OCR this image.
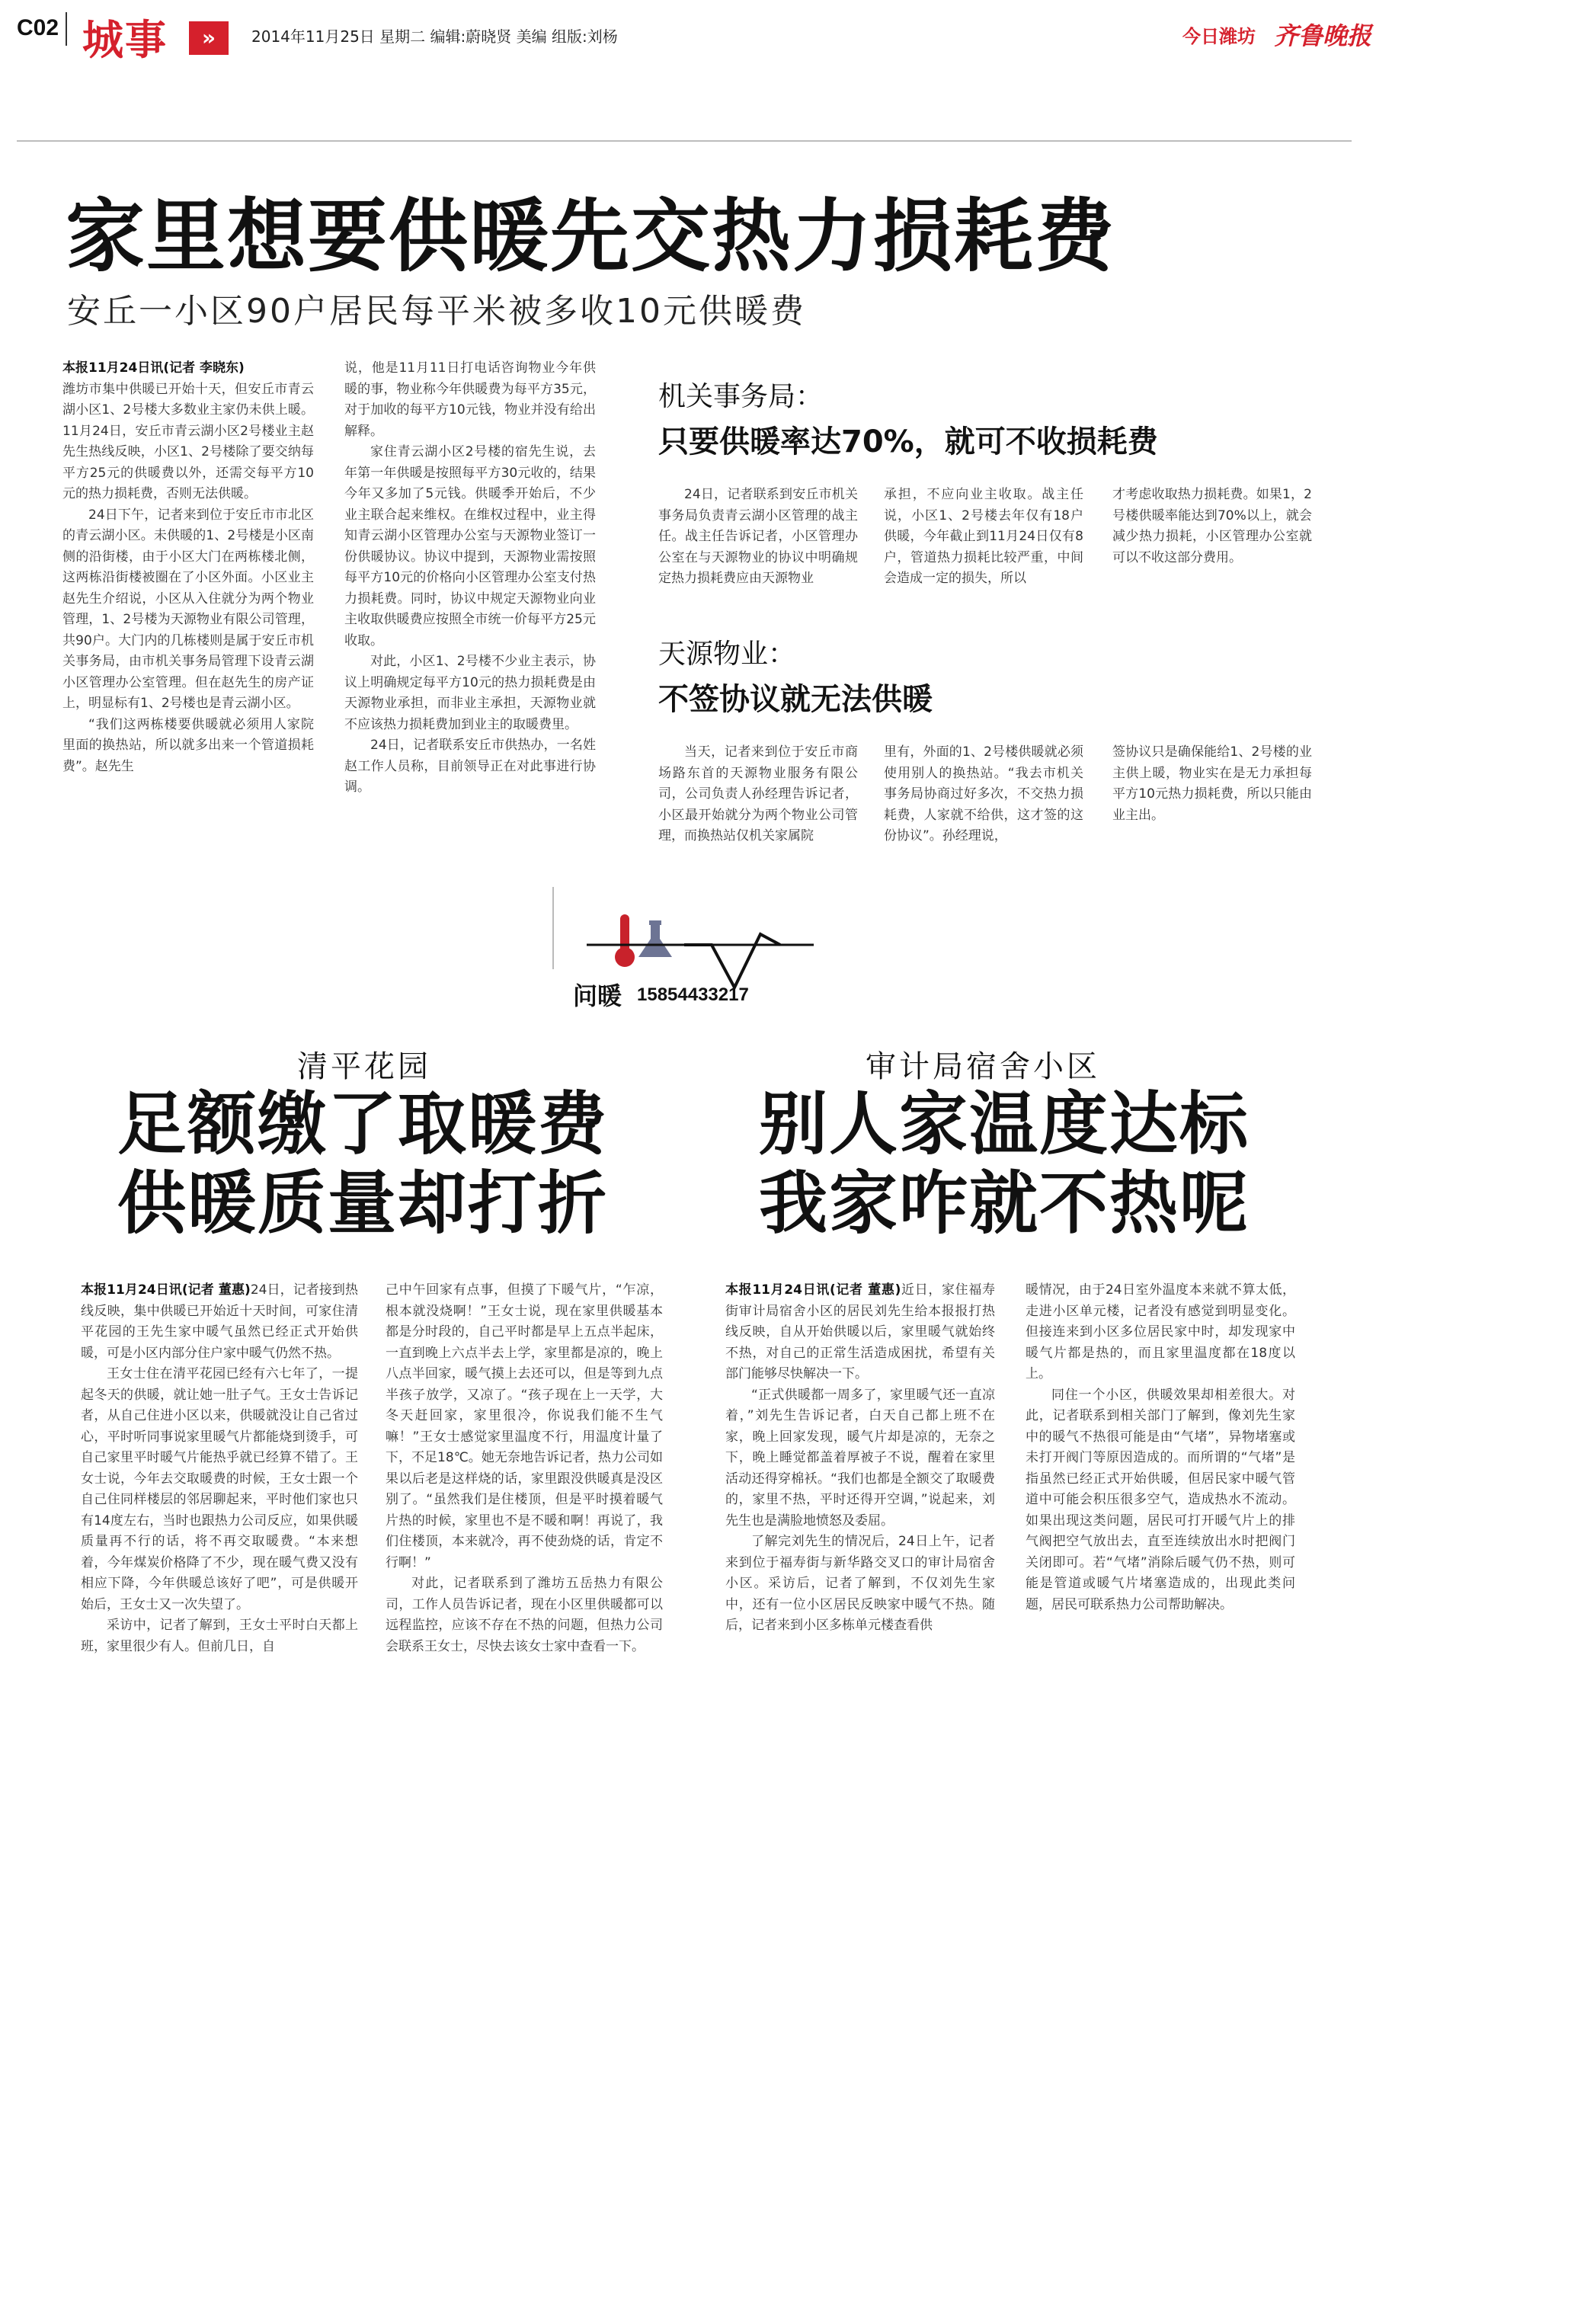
C02 城事	»	2014年11月25日 星期二 编辑:蔚晓贤 美编 组版:刘杨	今日潍坊 齐鲁晚报
家里想要供暖先交热力损耗费
安丘一小区90户居民每平米被多收10元供暖费

本报11月24日讯(记者 李晓东)

潍坊市集中供暖已开始十天，但安丘市青云湖小区1、2号楼大多数业主家仍未供上暖。11月24日，安丘市青云湖小区2号楼业主赵先生热线反映，小区1、2号楼除了要交纳每平方25元的供暖费以外，还需交每平方10元的热力损耗费，否则无法供暖。

24日下午，记者来到位于安丘市市北区的青云湖小区。未供暖的1、2号楼是小区南侧的沿街楼，由于小区大门在两栋楼北侧，这两栋沿街楼被圈在了小区外面。小区业主赵先生介绍说，小区从入住就分为两个物业管理，1、2号楼为天源物业有限公司管理，共90户。大门内的几栋楼则是属于安丘市机关事务局，由市机关事务局管理下设青云湖小区管理办公室管理。但在赵先生的房产证上，明显标有1、2号楼也是青云湖小区。

“我们这两栋楼要供暖就必须用人家院里面的换热站，所以就多出来一个管道损耗费”。赵先生

说，他是11月11日打电话咨询物业今年供暖的事，物业称今年供暖费为每平方35元，对于加收的每平方10元钱，物业并没有给出解释。

家住青云湖小区2号楼的宿先生说，去年第一年供暖是按照每平方30元收的，结果今年又多加了5元钱。供暖季开始后，不少业主联合起来维权。在维权过程中，业主得知青云湖小区管理办公室与天源物业签订一份供暖协议。协议中提到，天源物业需按照每平方10元的价格向小区管理办公室支付热力损耗费。同时，协议中规定天源物业向业主收取供暖费应按照全市统一价每平方25元收取。

对此，小区1、2号楼不少业主表示，协议上明确规定每平方10元的热力损耗费是由天源物业承担，而非业主承担，天源物业就不应该热力损耗费加到业主的取暖费里。

24日，记者联系安丘市供热办，一名姓赵工作人员称，目前领导正在对此事进行协调。

机关事务局：
只要供暖率达70%，就可不收损耗费

24日，记者联系到安丘市机关事务局负责青云湖小区管理的战主任。战主任告诉记者，小区管理办公室在与天源物业的协议中明确规定热力损耗费应由天源物业

承担，不应向业主收取。战主任说，小区1、2号楼去年仅有18户供暖，今年截止到11月24日仅有8户，管道热力损耗比较严重，中间会造成一定的损失，所以

才考虑收取热力损耗费。如果1，2号楼供暖率能达到70%以上，就会减少热力损耗，小区管理办公室就可以不收这部分费用。

天源物业：
不签协议就无法供暖

当天，记者来到位于安丘市商场路东首的天源物业服务有限公司，公司负责人孙经理告诉记者，小区最开始就分为两个物业公司管理，而换热站仅机关家属院

里有，外面的1、2号楼供暖就必须使用别人的换热站。“我去市机关事务局协商过好多次，不交热力损耗费，人家就不给供，这才签的这份协议”。孙经理说，

签协议只是确保能给1、2号楼的业主供上暖，物业实在是无力承担每平方10元热力损耗费，所以只能由业主出。

问暖 15854433217
清平花园
足额缴了取暖费
供暖质量却打折

本报11月24日讯(记者 董惠)24日，记者接到热线反映，集中供暖已开始近十天时间，可家住清平花园的王先生家中暖气虽然已经正式开始供暖，可是小区内部分住户家中暖气仍然不热。

王女士住在清平花园已经有六七年了，一提起冬天的供暖，就让她一肚子气。王女士告诉记者，从自己住进小区以来，供暖就没让自己省过心，平时听同事说家里暖气片都能烧到烫手，可自己家里平时暖气片能热乎就已经算不错了。王女士说，今年去交取暖费的时候，王女士跟一个自己住同样楼层的邻居聊起来，平时他们家也只有14度左右，当时也跟热力公司反应，如果供暖质量再不行的话，将不再交取暖费。“本来想着，今年煤炭价格降了不少，现在暖气费又没有相应下降，今年供暖总该好了吧”，可是供暖开始后，王女士又一次失望了。

采访中，记者了解到，王女士平时白天都上班，家里很少有人。但前几日，自

己中午回家有点事，但摸了下暖气片，“乍凉，根本就没烧啊！”王女士说，现在家里供暖基本都是分时段的，自己平时都是早上五点半起床，一直到晚上六点半去上学，家里都是凉的，晚上八点半回家，暖气摸上去还可以，但是等到九点半孩子放学，又凉了。“孩子现在上一天学，大冬天赶回家，家里很冷，你说我们能不生气嘛！”王女士感觉家里温度不行，用温度计量了下，不足18℃。她无奈地告诉记者，热力公司如果以后老是这样烧的话，家里跟没供暖真是没区别了。“虽然我们是住楼顶，但是平时摸着暖气片热的时候，家里也不是不暖和啊！再说了，我们住楼顶，本来就冷，再不使劲烧的话，肯定不行啊！”

对此，记者联系到了潍坊五岳热力有限公司，工作人员告诉记者，现在小区里供暖都可以远程监控，应该不存在不热的问题，但热力公司会联系王女士，尽快去该女士家中查看一下。

审计局宿舍小区
别人家温度达标
我家咋就不热呢

本报11月24日讯(记者 董惠)近日，家住福寿街审计局宿舍小区的居民刘先生给本报报打热线反映，自从开始供暖以后，家里暖气就始终不热，对自己的正常生活造成困扰，希望有关部门能够尽快解决一下。

“正式供暖都一周多了，家里暖气还一直凉着，”刘先生告诉记者，白天自己都上班不在家，晚上回家发现，暖气片却是凉的，无奈之下，晚上睡觉都盖着厚被子不说，醒着在家里活动还得穿棉袄。“我们也都是全额交了取暖费的，家里不热，平时还得开空调，”说起来，刘先生也是满脸地愤怒及委屈。

了解完刘先生的情况后，24日上午，记者来到位于福寿街与新华路交叉口的审计局宿舍小区。采访后，记者了解到，不仅刘先生家中，还有一位小区居民反映家中暖气不热。随后，记者来到小区多栋单元楼查看供

暖情况，由于24日室外温度本来就不算太低，走进小区单元楼，记者没有感觉到明显变化。但接连来到小区多位居民家中时，却发现家中暖气片都是热的，而且家里温度都在18度以上。

同住一个小区，供暖效果却相差很大。对此，记者联系到相关部门了解到，像刘先生家中的暖气不热很可能是由“气堵”，异物堵塞或未打开阀门等原因造成的。而所谓的“气堵”是指虽然已经正式开始供暖，但居民家中暖气管道中可能会积压很多空气，造成热水不流动。如果出现这类问题，居民可打开暖气片上的排气阀把空气放出去，直至连续放出水时把阀门关闭即可。若“气堵”消除后暖气仍不热，则可能是管道或暖气片堵塞造成的，出现此类问题，居民可联系热力公司帮助解决。
